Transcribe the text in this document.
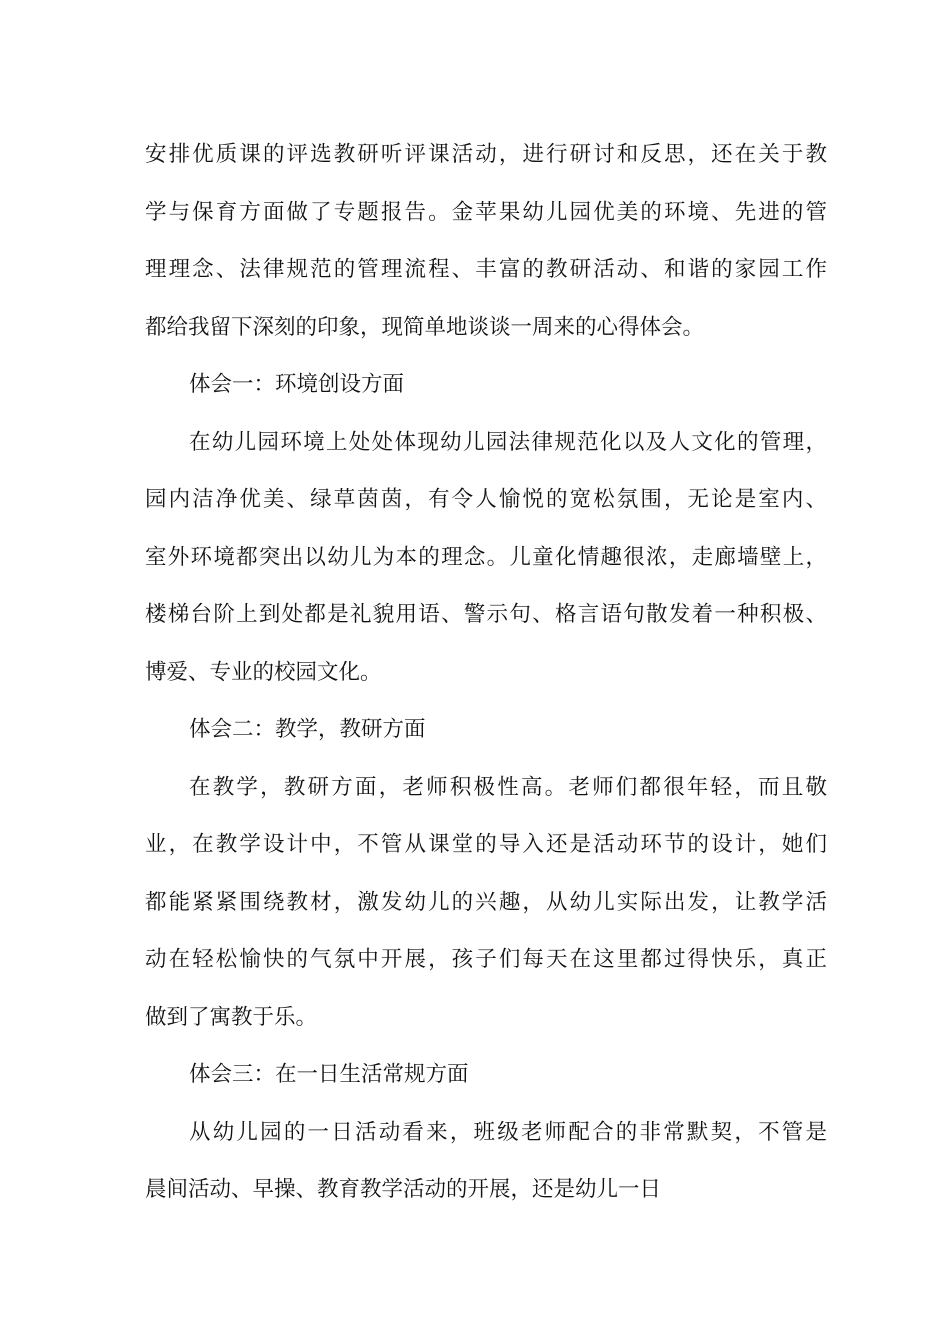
安排优质课的评选教研听评课活动，进行研讨和反思，还在关于教
学与保育方面做了专题报告。金苹果幼儿园优美的环境、先进的管
理理念、法律规范的管理流程、丰富的教研活动、和谐的家园工作
都给我留下深刻的印象，现简单地谈谈一周来的心得体会。
体会一：环境创设方面
在幼儿园环境上处处体现幼儿园法律规范化以及人文化的管理，
园内洁净优美、绿草茵茵，有令人愉悦的宽松氛围，无论是室内、
室外环境都突出以幼儿为本的理念。儿童化情趣很浓，走廊墙壁上，
楼梯台阶上到处都是礼貌用语、警示句、格言语句散发着一种积极、
博爱、专业的校园文化。
体会二：教学，教研方面
在教学，教研方面，老师积极性高。老师们都很年轻，而且敬
业，在教学设计中，不管从课堂的导入还是活动环节的设计，她们
都能紧紧围绕教材，激发幼儿的兴趣，从幼儿实际出发，让教学活
动在轻松愉快的气氛中开展，孩子们每天在这里都过得快乐，真正
做到了寓教于乐。
体会三：在一日生活常规方面
从幼儿园的一日活动看来，班级老师配合的非常默契，不管是
晨间活动、早操、教育教学活动的开展，还是幼儿一日
